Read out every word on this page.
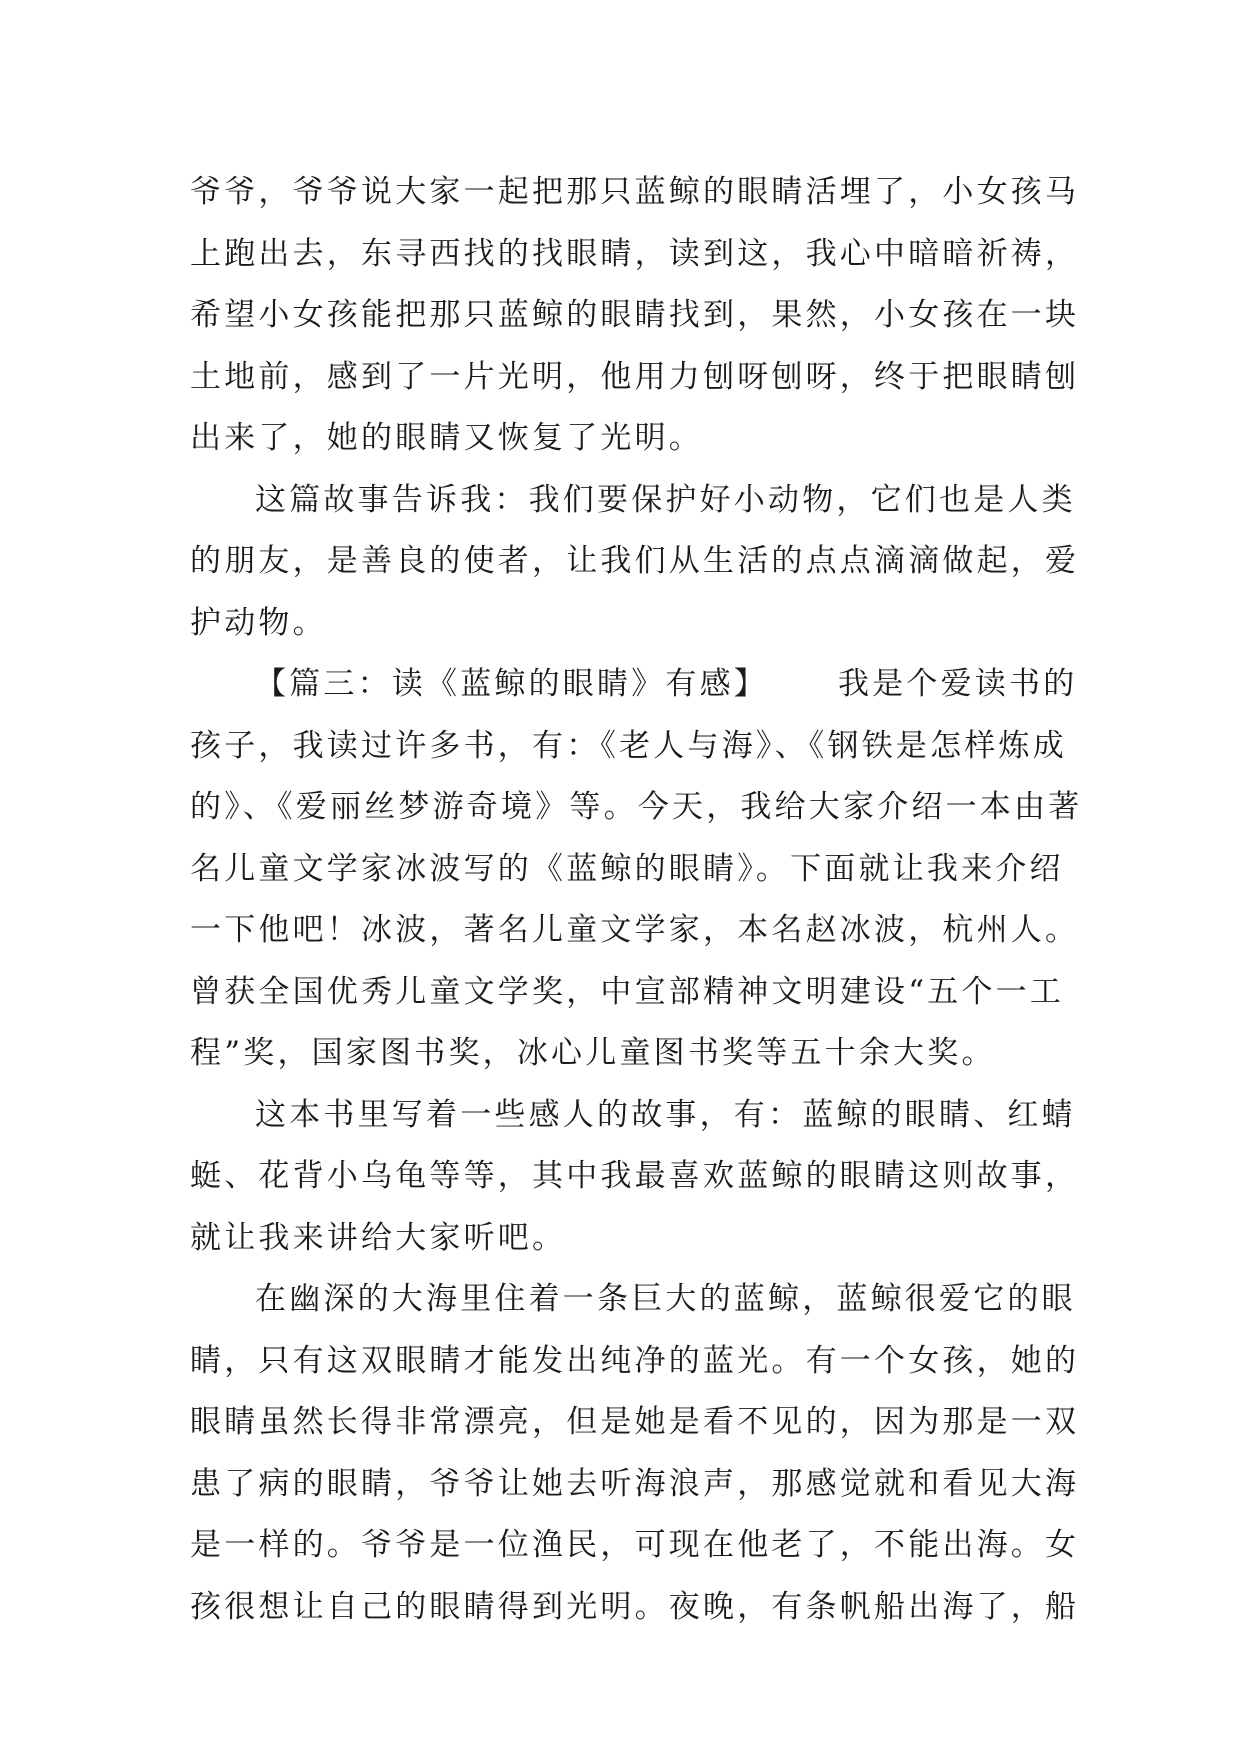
爷爷，爷爷说大家一起把那只蓝鲸的眼睛活埋了，小女孩马
上跑出去，东寻西找的找眼睛，读到这，我心中暗暗祈祷，
希望小女孩能把那只蓝鲸的眼睛找到，果然，小女孩在一块
土地前，感到了一片光明，他用力刨呀刨呀，终于把眼睛刨
出来了，她的眼睛又恢复了光明。
这篇故事告诉我：我们要保护好小动物，它们也是人类
的朋友，是善良的使者，让我们从生活的点点滴滴做起，爱
护动物。
【篇三：读《蓝鲸的眼睛》有感】 我是个爱读书的
孩子，我读过许多书，有：《老人与海》、《钢铁是怎样炼成
的》、《爱丽丝梦游奇境》等。今天，我给大家介绍一本由著
名儿童文学家冰波写的《蓝鲸的眼睛》。下面就让我来介绍
一下他吧！冰波，著名儿童文学家，本名赵冰波，杭州人。
曾获全国优秀儿童文学奖，中宣部精神文明建设“五个一工
程”奖，国家图书奖，冰心儿童图书奖等五十余大奖。
这本书里写着一些感人的故事，有：蓝鲸的眼睛、红蜻
蜓、花背小乌龟等等，其中我最喜欢蓝鲸的眼睛这则故事，
就让我来讲给大家听吧。
在幽深的大海里住着一条巨大的蓝鲸，蓝鲸很爱它的眼
睛，只有这双眼睛才能发出纯净的蓝光。有一个女孩，她的
眼睛虽然长得非常漂亮，但是她是看不见的，因为那是一双
患了病的眼睛，爷爷让她去听海浪声，那感觉就和看见大海
是一样的。爷爷是一位渔民，可现在他老了，不能出海。女
孩很想让自己的眼睛得到光明。夜晚，有条帆船出海了，船
